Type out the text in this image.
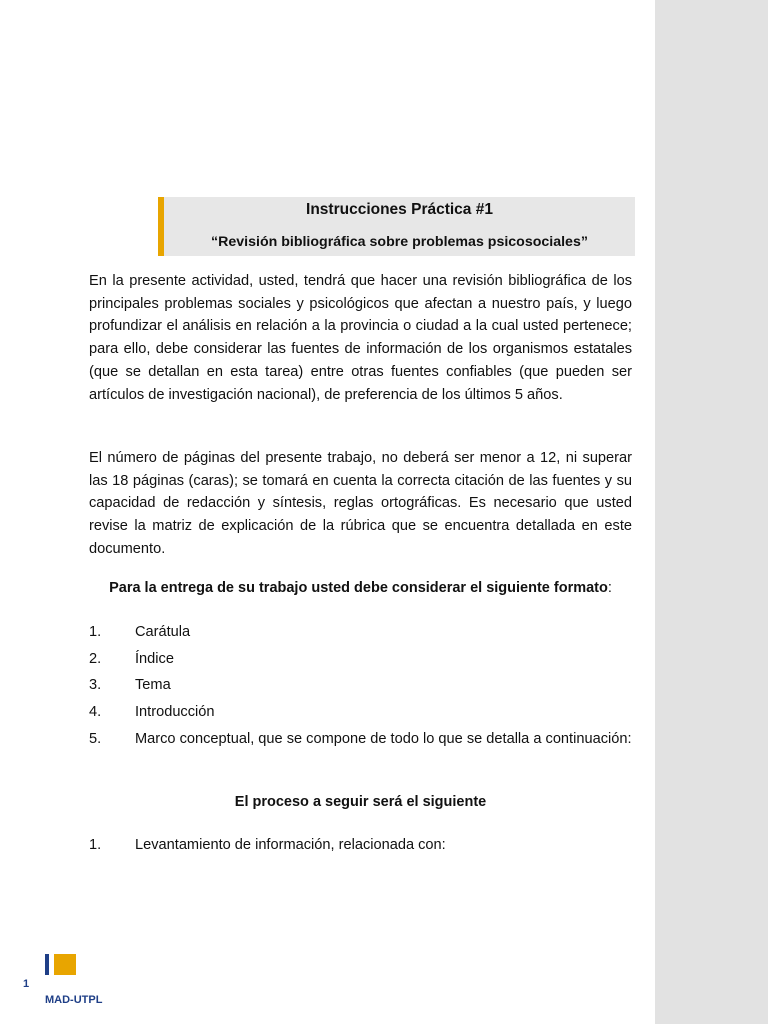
Instrucciones Práctica #1
“Revisión bibliográfica sobre problemas psicosociales”

En la presente actividad, usted, tendrá que hacer una revisión bibliográfica de los principales problemas sociales y psicológicos que afectan a nuestro país, y luego profundizar el análisis en relación a la provincia o ciudad a la cual usted pertenece; para ello, debe considerar las fuentes de información de los organismos estatales (que se detallan en esta tarea) entre otras fuentes confiables (que pueden ser artículos de investigación nacional), de preferencia de los últimos 5 años.

El número de páginas del presente trabajo, no deberá ser menor a 12, ni superar las 18 páginas (caras); se tomará en cuenta la correcta citación de las fuentes y su capacidad de redacción y síntesis, reglas ortográficas. Es necesario que usted revise la matriz de explicación de la rúbrica que se encuentra detallada en este documento.

Para la entrega de su trabajo usted debe considerar el siguiente formato:

1. Carátula
2. Índice
3. Tema
4. Introducción
5. Marco conceptual, que se compone de todo lo que se detalla a continuación:

El proceso a seguir será el siguiente

1. Levantamiento de información, relacionada con:
1
MAD-UTPL
